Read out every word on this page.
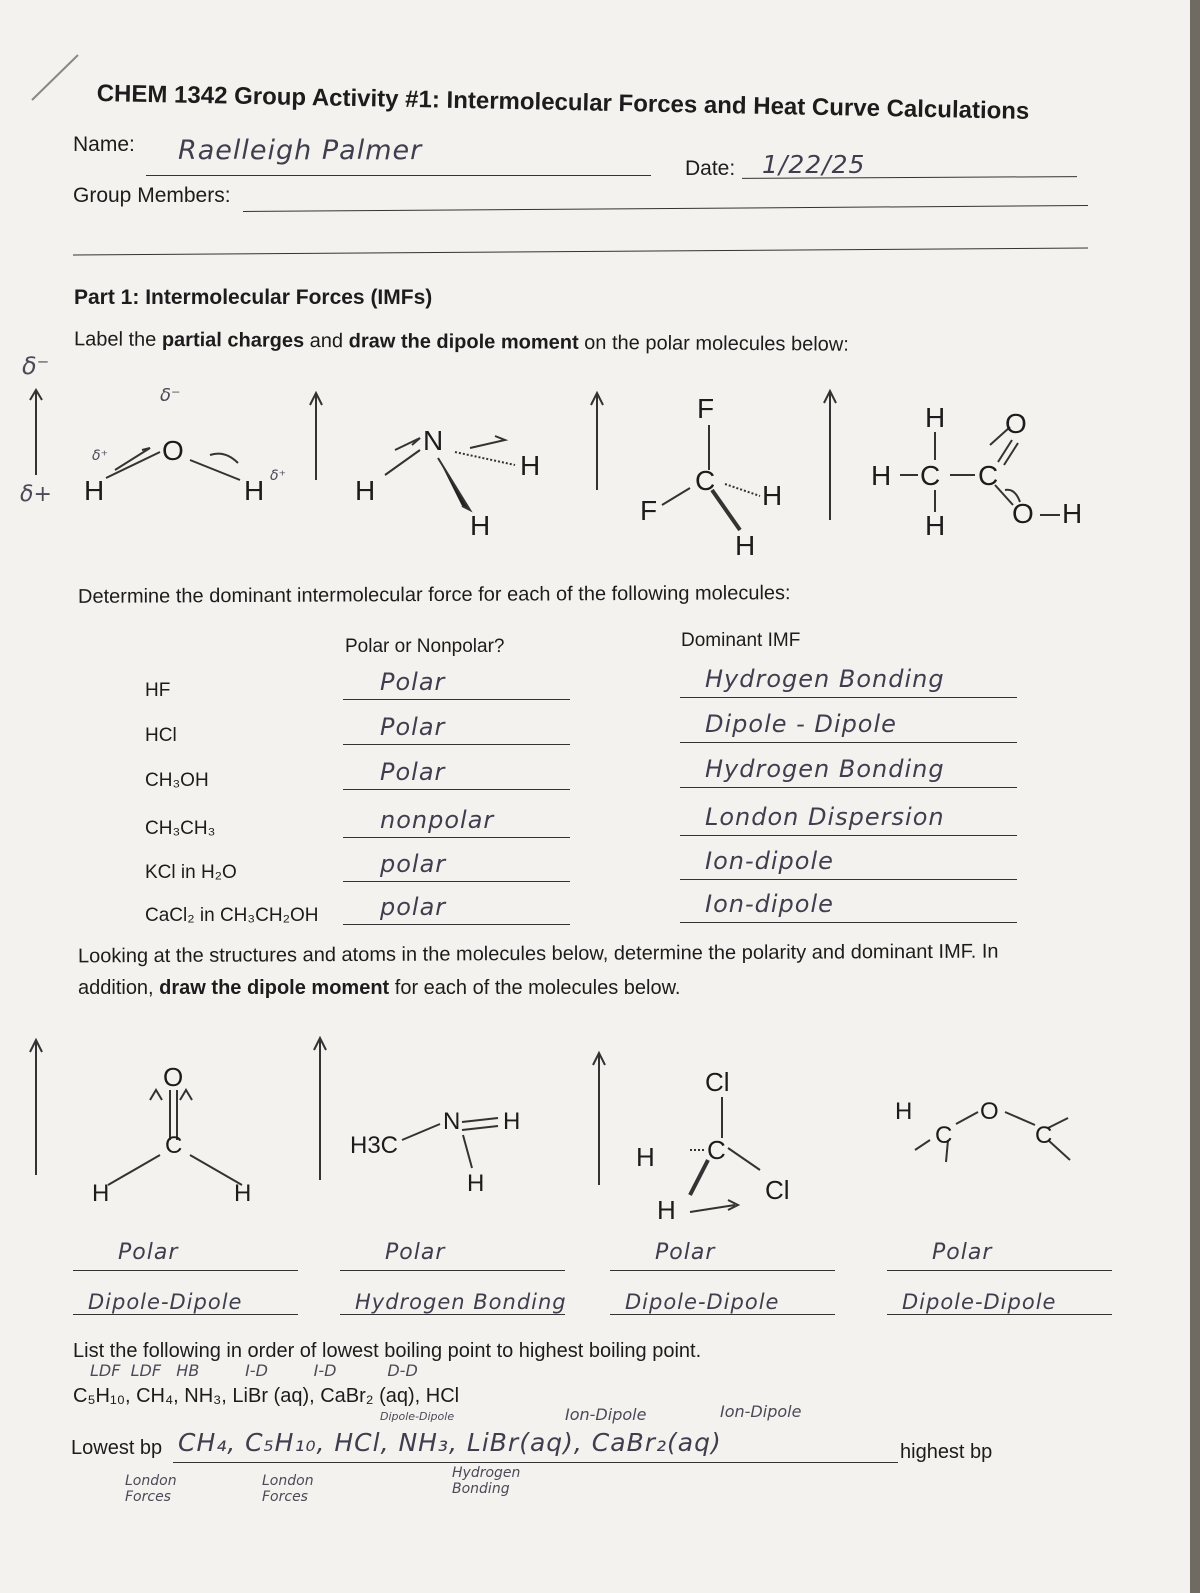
CHEM 1342 Group Activity #1: Intermolecular Forces and Heat Curve Calculations
Name: Raelleigh Palmer
Date: 1/22/25
Group Members:
Part 1: Intermolecular Forces (IMFs)
Label the partial charges and draw the dipole moment on the polar molecules below:
δ⁻
δ+
O
H	H
δ⁻
δ⁺
δ⁺
N
H
H
H
F
F
C H
H
H C C
O
O H
H
H
Determine the dominant intermolecular force for each of the following molecules:
Polar or Nonpolar?	Dominant IMF
HF	Polar	Hydrogen Bonding
HCl	Polar	Dipole - Dipole
CH₃OH	Polar	Hydrogen Bonding
CH₃CH₃	nonpolar	London Dispersion
KCl in H₂O	polar	Ion-dipole
CaCl₂ in CH₃CH₂OH	polar	Ion-dipole
Looking at the structures and atoms in the molecules below, determine the polarity and dominant IMF. In
addition, draw the dipole moment for each of the molecules below.
O
C
H	H
H3C
N H
H
Cl
Cl
C
H
H
O
C	C
H
Polar
Dipole-Dipole
Polar
Hydrogen Bonding
Polar
Dipole-Dipole
Polar
Dipole-Dipole
List the following in order of lowest boiling point to highest boiling point.
LDF  LDF   HB         I-D         I-D          D-D
C₅H₁₀, CH₄, NH₃, LiBr (aq), CaBr₂ (aq), HCl
Dipole-Dipole	Ion-Dipole	Ion-Dipole
Lowest bp CH₄, C₅H₁₀, HCl, NH₃, LiBr(aq), CaBr₂(aq)	highest bp
London Forces
London Forces
Hydrogen Bonding
